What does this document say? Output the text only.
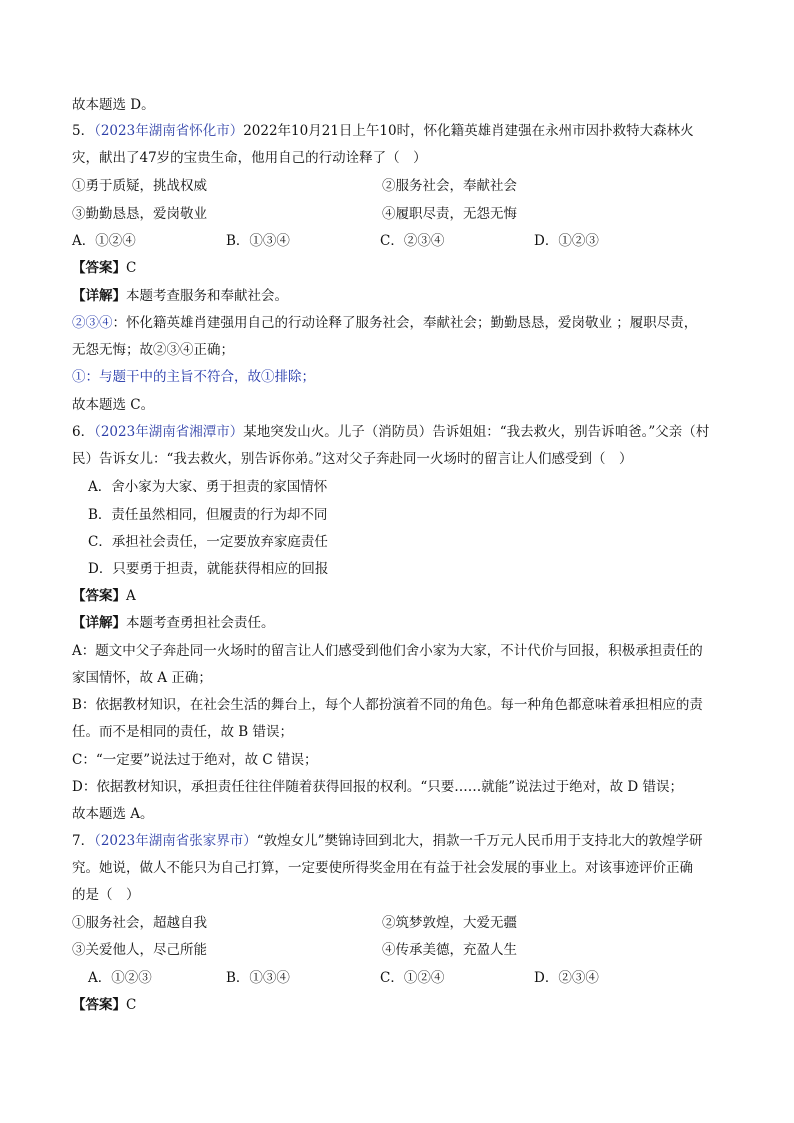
故本题选 D。
5．（2023年湖南省怀化市）2022年10月21日上午10时，怀化籍英雄肖建强在永州市因扑救特大森林火
灾，献出了47岁的宝贵生命，他用自己的行动诠释了（　）
①勇于质疑，挑战权威	②服务社会，奉献社会
③勤勤恳恳，爱岗敬业	④履职尽责，无怨无悔
A．①②④	B．①③④	C．②③④	D．①②③
【答案】C
【详解】本题考查服务和奉献社会。
②③④：怀化籍英雄肖建强用自己的行动诠释了服务社会，奉献社会；勤勤恳恳，爱岗敬业 ；履职尽责，
无怨无悔；故②③④正确；
①：与题干中的主旨不符合，故①排除；
故本题选 C。
6．（2023年湖南省湘潭市）某地突发山火。儿子（消防员）告诉姐姐：“我去救火，别告诉咱爸。”父亲（村
民）告诉女儿：“我去救火，别告诉你弟。”这对父子奔赴同一火场时的留言让人们感受到（　）
A．舍小家为大家、勇于担责的家国情怀
B．责任虽然相同，但履责的行为却不同
C．承担社会责任，一定要放弃家庭责任
D．只要勇于担责，就能获得相应的回报
【答案】A
【详解】本题考查勇担社会责任。
A：题文中父子奔赴同一火场时的留言让人们感受到他们舍小家为大家，不计代价与回报，积极承担责任的
家国情怀，故 A 正确；
B：依据教材知识，在社会生活的舞台上，每个人都扮演着不同的角色。每一种角色都意味着承担相应的责
任。而不是相同的责任，故 B 错误；
C：“一定要”说法过于绝对，故 C 错误；
D：依据教材知识，承担责任往往伴随着获得回报的权利。“只要……就能”说法过于绝对，故 D 错误；
故本题选 A。
7．（2023年湖南省张家界市）“敦煌女儿”樊锦诗回到北大，捐款一千万元人民币用于支持北大的敦煌学研
究。她说，做人不能只为自己打算，一定要使所得奖金用在有益于社会发展的事业上。对该事迹评价正确
的是（　）
①服务社会，超越自我	②筑梦敦煌，大爱无疆
③关爱他人，尽己所能	④传承美德，充盈人生
A．①②③	B．①③④	C．①②④	D．②③④
【答案】C
